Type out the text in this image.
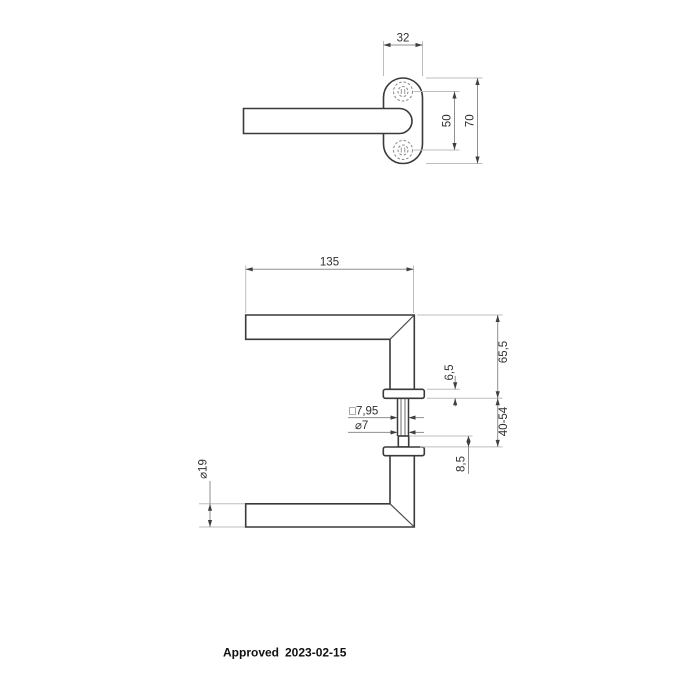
32
50 70
135
65,5
40-54
6,5
8,5
□7,95
⌀7
⌀19
Approved 2023-02-15
